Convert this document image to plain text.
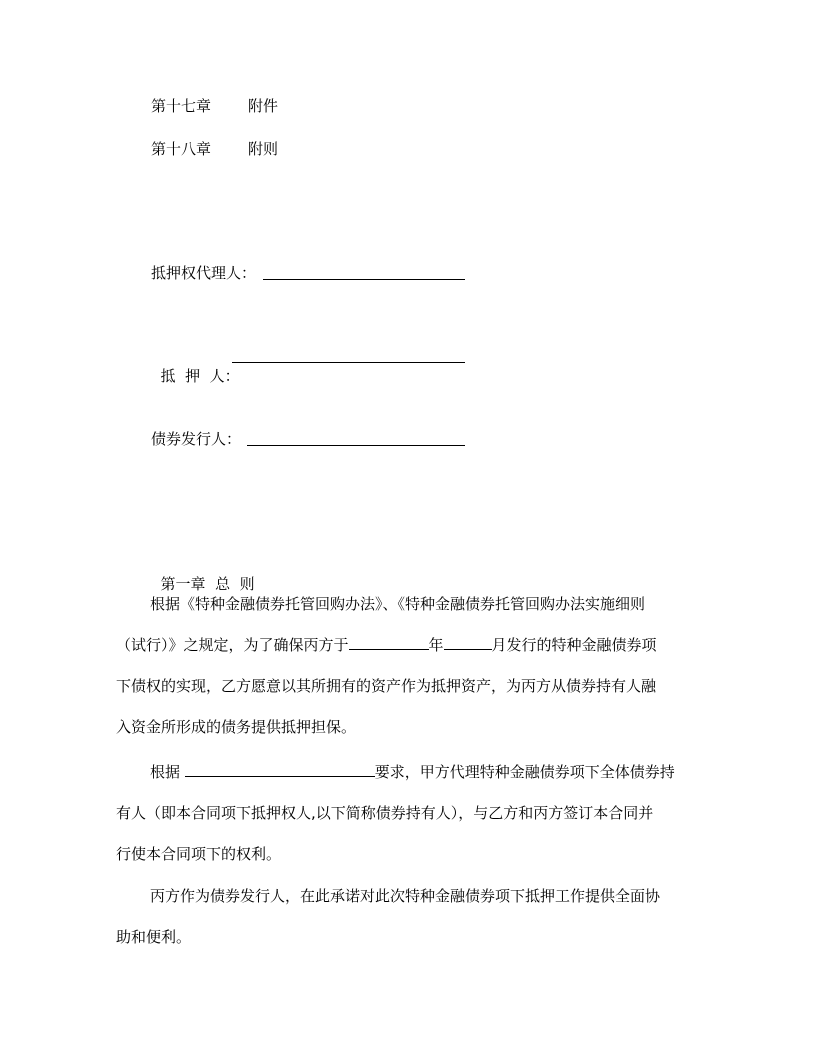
第十七章 附件
第十八章 附则
抵押权代理人：

抵  押  人：

债券发行人：

第一章  总  则

根据《特种金融债券托管回购办法》、《特种金融债券托管回购办法实施细则
（试行）》之规定，为了确保丙方于	年	月发行的特种金融债券项
下债权的实现，乙方愿意以其所拥有的资产作为抵押资产，为丙方从债券持有人融
入资金所形成的债务提供抵押担保。
根据	要求，甲方代理特种金融债券项下全体债券持
有人（即本合同项下抵押权人,以下简称债券持有人），与乙方和丙方签订本合同并
行使本合同项下的权利。
丙方作为债券发行人，在此承诺对此次特种金融债券项下抵押工作提供全面协
助和便利。
